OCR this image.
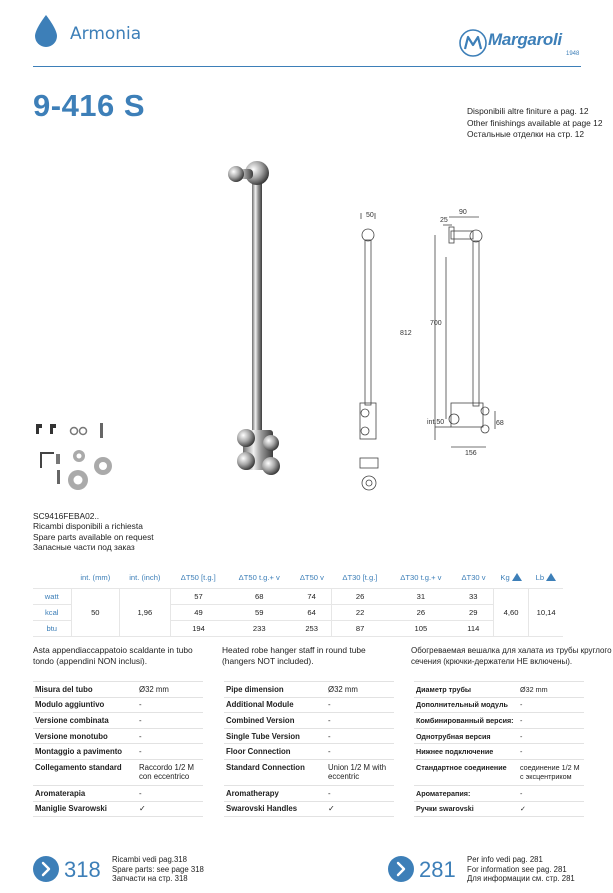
Armonia	Margaroli
1948
9-416 S	Disponibili altre finiture a pag. 12
Other finishings available at page 12
Остальные отделки на стр. 12
50
25
90
700
812
int.50	68
156
SC9416FEBA02..
Ricambi disponibili a richiesta
Spare parts available on request
Запасные части под заказ
	int. (mm)	int. (inch)	ΔT50 [t.g.]	ΔT50 t.g.+ v	ΔT50 v	ΔT30 [t.g.]	ΔT30 t.g.+ v	ΔT30 v	Kg	Lb
watt	50	1,96	57	68	74	26	31	33	4,60	10,14
kcal			49	59	64	22	26	29		
btu			194	233	253	87	105	114		
Asta appendiaccappatoio scaldante in tubo
tondo (appendini NON inclusi).
Heated robe hanger staff in round tube
(hangers NOT included).
Обогреваемая вешалка для халата из трубы круглого
сечения (крючки-держатели НЕ включены).
Misura del tubo	Ø32 mm
Modulo aggiuntivo	-
Versione combinata	-
Versione monotubo	-
Montaggio a pavimento	-
Collegamento standard	Raccordo 1/2 M
con eccentrico

Aromaterapia	-
Maniglie Svarowski	✓
Pipe dimension	Ø32 mm
Additional Module	-
Combined Version	-
Single Tube Version	-
Floor Connection	-
Standard Connection	Union 1/2 M with
eccentric

Aromatherapy	-
Swarovski Handles	✓
Диаметр трубы	Ø32 mm
Дополнительный модуль	-
Комбинированный версия:	-
Однотрубная версия	-
Нижнее подключение	-
Стандартное соединение	соединение 1/2 M
с эксцентриком

Ароматерапия:	-
Ручки swarovski	✓
318 Ricambi vedi pag.318
Spare parts: see page 318
Запчасти на стр. 318	281 Per info vedi pag. 281
For information see pag. 281
Для информации см. стр. 281
